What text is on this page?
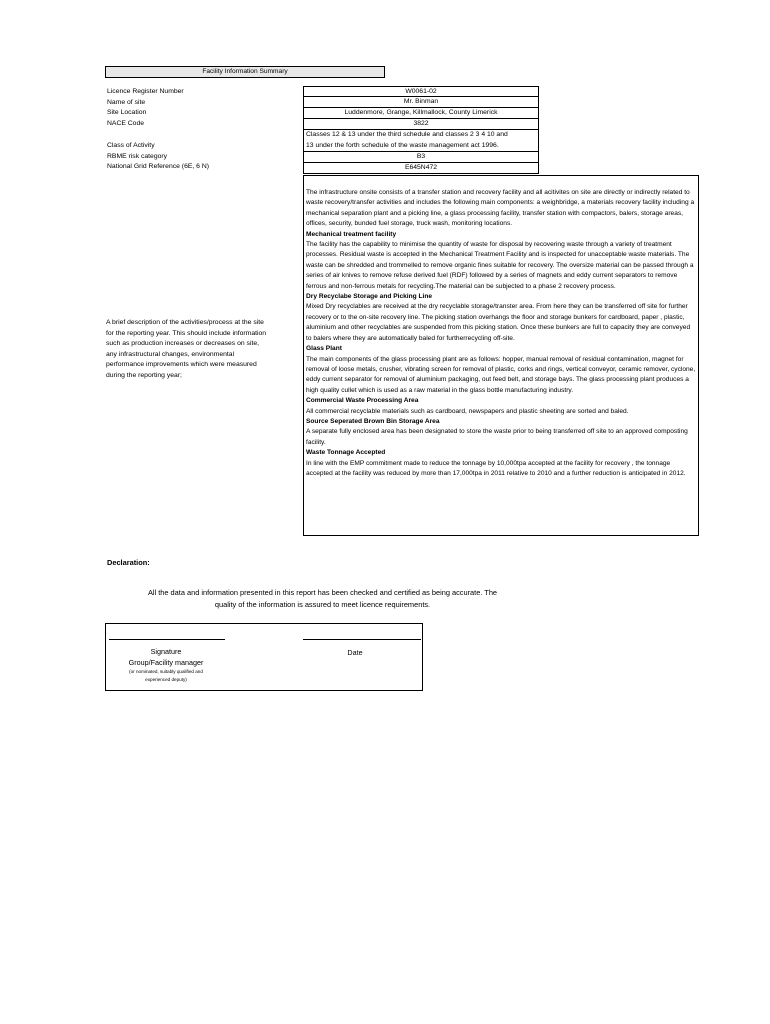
Facility Information Summary
Licence Register Number
Name of site
Site Location
NACE Code
Class of Activity
RBME risk category
National Grid Reference (6E, 6 N)
W0061-02
Mr. Binman
Luddenmore, Grange, Killmallock, County Limerick
3822
Classes 12 & 13 under the third schedule and classes 2 3 4 10 and
13 under the forth schedule of the waste management act 1996.
B3
E645N472
A brief description of the activities/process at the site for the reporting year. This should include information such as production increases or decreases on site, any infrastructural changes, environmental performance improvements which were measured during the reporting year;
The infrastructure onsite consists of a transfer station and recovery facility and all acitivites on site are directly or indirectly related to waste recovery/transfer activities and includes the following main components: a weighbridge, a materials recovery facility including a mechanical separation plant and a picking line, a glass processing facility, transfer station with compactors, balers, storage areas, offices, security, bunded fuel storage, truck wash, monitoring locations.
Mechanical treatment facility
The facility has the capability to minimise the quantity of waste for disposal by recovering waste through a variety of treatment processes. Residual waste is accepted in the Mechanical Treatment Facility and is inspected for unacceptable waste materials. The waste can be shredded and trommelled to remove organic fines suitable for recovery. The oversize material can be passed through a series of air knives to remove refuse derived fuel (RDF) followed by a series of magnets and eddy current separators to remove ferrous and non-ferrous metals for recycling.The material can be subjected to a phase 2 recovery process.
Dry Recyclabe Storage and Picking Line
Mixed Dry recyclables are received at the dry recyclable storage/transter area. From here they can be transferred off site for further recovery or to the on-site recovery line. The picking station overhangs the floor and storage bunkers for cardboard, paper , plastic, aluminium and other recyclables are suspended from this picking station. Once these bunkers are full to capacity they are conveyed to balers where they are automatically baled for furtherrecycling off-site.
Glass Plant
The main components of the glass processing plant are as follows: hopper, manual removal of residual contamination, magnet for removal of loose metals, crusher, vibrating screen for removal of plastic, corks and rings, vertical conveyor, ceramic remover, cyclone, eddy current separator for removal of aluminium packaging, out feed belt, and storage bays. The glass processing plant produces a high quality cullet which is used as a raw material in the glass bottle manufacturing industry.
Commercial Waste Processing Area
All commercial recyclable materials such as cardboard, newspapers and plastic sheeting are sorted and baled.
Source Seperated Brown Bin Storage Area
A separate fully enclosed area has been designated to store the waste prior to being transferred off site to an approved composting facility.
Waste Tonnage Accepted
In line with the EMP commitment made to reduce the tonnage by 10,000tpa accepted at the facility for recovery , the tonnage accepted at the facility was reduced by more than 17,000tpa in 2011 relative to 2010 and a further reduction is anticipated in 2012.
Declaration:
All the data and information presented in this report has been checked and certified as being accurate. The
quality of the information is assured to meet licence requirements.
Signature
Group/Facility manager
(or nominated, suitably qualified and
experienced deputy)
Date
